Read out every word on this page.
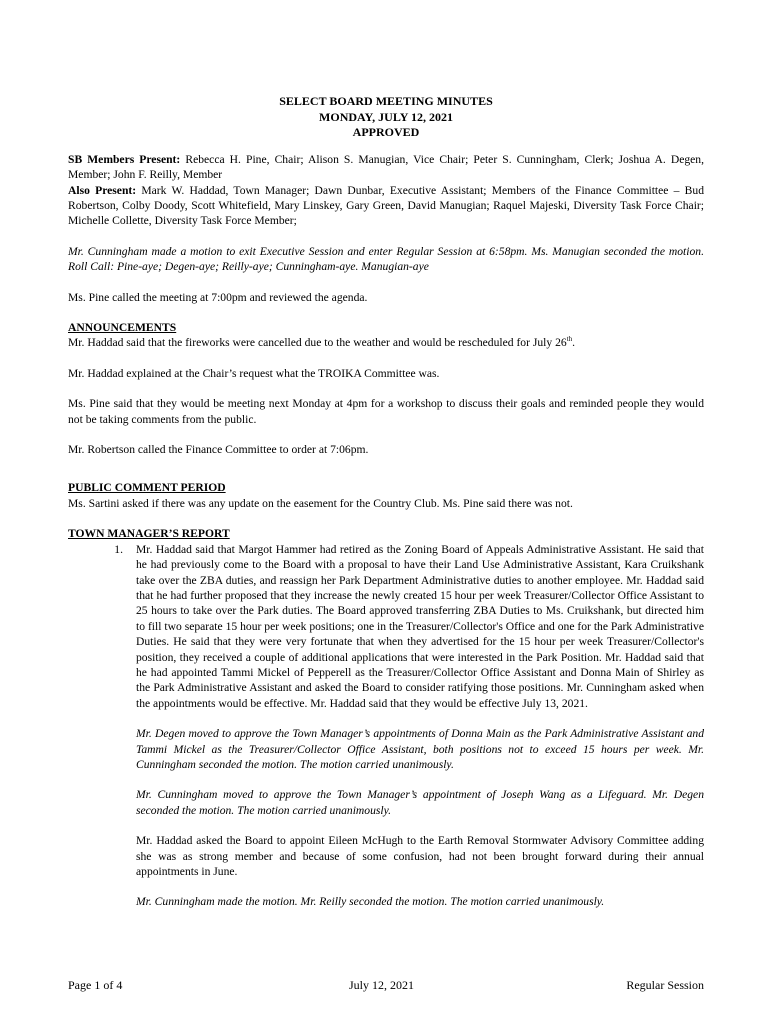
SELECT BOARD MEETING MINUTES
MONDAY, JULY 12, 2021
APPROVED

SB Members Present: Rebecca H. Pine, Chair; Alison S. Manugian, Vice Chair; Peter S. Cunningham, Clerk; Joshua A. Degen, Member; John F. Reilly, Member
Also Present: Mark W. Haddad, Town Manager; Dawn Dunbar, Executive Assistant; Members of the Finance Committee – Bud Robertson, Colby Doody, Scott Whitefield, Mary Linskey, Gary Green, David Manugian; Raquel Majeski, Diversity Task Force Chair; Michelle Collette, Diversity Task Force Member;

Mr. Cunningham made a motion to exit Executive Session and enter Regular Session at 6:58pm. Ms. Manugian seconded the motion. Roll Call: Pine-aye; Degen-aye; Reilly-aye; Cunningham-aye. Manugian-aye

Ms. Pine called the meeting at 7:00pm and reviewed the agenda.

ANNOUNCEMENTS

Mr. Haddad said that the fireworks were cancelled due to the weather and would be rescheduled for July 26th.

Mr. Haddad explained at the Chair’s request what the TROIKA Committee was.

Ms. Pine said that they would be meeting next Monday at 4pm for a workshop to discuss their goals and reminded people they would not be taking comments from the public.

Mr. Robertson called the Finance Committee to order at 7:06pm.

PUBLIC COMMENT PERIOD

Ms. Sartini asked if there was any update on the easement for the Country Club. Ms. Pine said there was not.

TOWN MANAGER’S REPORT
1.	Mr. Haddad said that Margot Hammer had retired as the Zoning Board of Appeals Administrative Assistant. He said that he had previously come to the Board with a proposal to have their Land Use Administrative Assistant, Kara Cruikshank take over the ZBA duties, and reassign her Park Department Administrative duties to another employee. Mr. Haddad said that he had further proposed that they increase the newly created 15 hour per week Treasurer/Collector Office Assistant to 25 hours to take over the Park duties. The Board approved transferring ZBA Duties to Ms. Cruikshank, but directed him to fill two separate 15 hour per week positions; one in the Treasurer/Collector's Office and one for the Park Administrative Duties. He said that they were very fortunate that when they advertised for the 15 hour per week Treasurer/Collector's position, they received a couple of additional applications that were interested in the Park Position. Mr. Haddad said that he had appointed Tammi Mickel of Pepperell as the Treasurer/Collector Office Assistant and Donna Main of Shirley as the Park Administrative Assistant and asked the Board to consider ratifying those positions. Mr. Cunningham asked when the appointments would be effective. Mr. Haddad said that they would be effective July 13, 2021.
Mr. Degen moved to approve the Town Manager’s appointments of Donna Main as the Park Administrative Assistant and Tammi Mickel as the Treasurer/Collector Office Assistant, both positions not to exceed 15 hours per week. Mr. Cunningham seconded the motion. The motion carried unanimously.
Mr. Cunningham moved to approve the Town Manager’s appointment of Joseph Wang as a Lifeguard. Mr. Degen seconded the motion. The motion carried unanimously.
Mr. Haddad asked the Board to appoint Eileen McHugh to the Earth Removal Stormwater Advisory Committee adding she was as strong member and because of some confusion, had not been brought forward during their annual appointments in June.
Mr. Cunningham made the motion. Mr. Reilly seconded the motion. The motion carried unanimously.
Page 1 of 4	July 12, 2021	Regular Session
